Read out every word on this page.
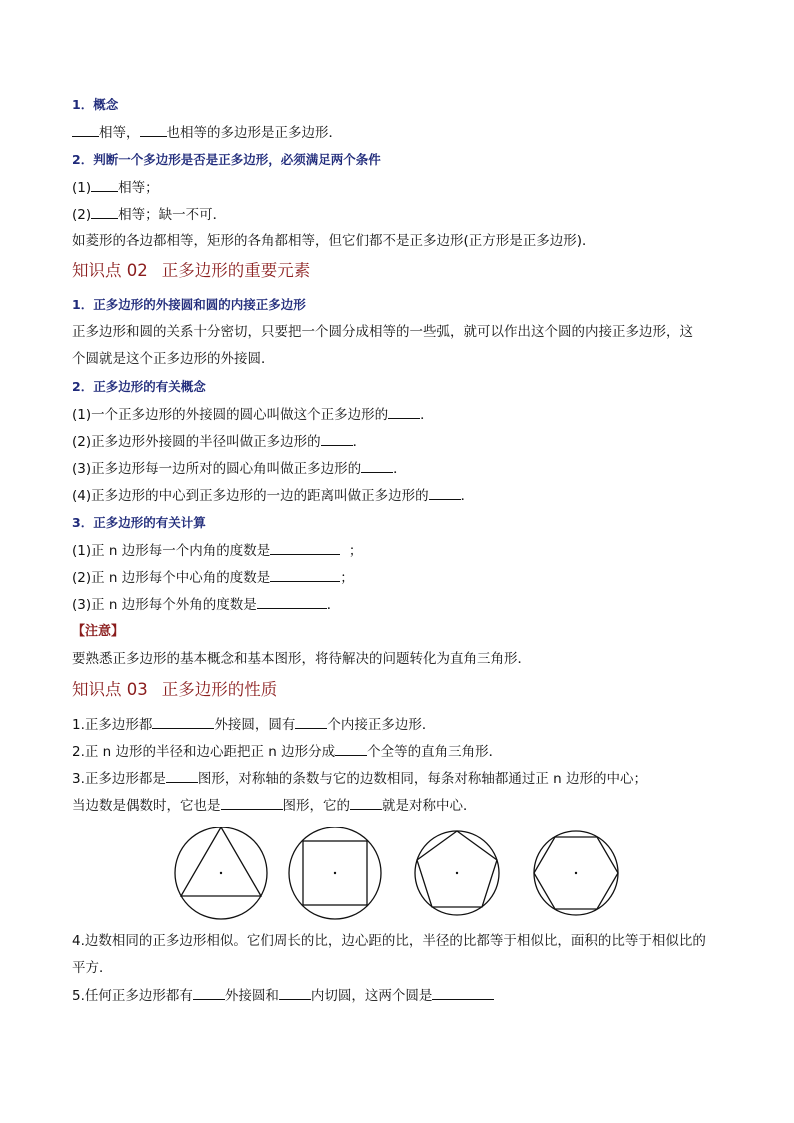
1．概念
相等， 也相等的多边形是正多边形．
2．判断一个多边形是否是正多边形，必须满足两个条件
(1) 相等；
(2) 相等；缺一不可．
如菱形的各边都相等，矩形的各角都相等，但它们都不是正多边形(正方形是正多边形)．
知识点 02 正多边形的重要元素
1．正多边形的外接圆和圆的内接正多边形
正多边形和圆的关系十分密切，只要把一个圆分成相等的一些弧，就可以作出这个圆的内接正多边形，这
个圆就是这个正多边形的外接圆．
2．正多边形的有关概念
(1)一个正多边形的外接圆的圆心叫做这个正多边形的 ．
(2)正多边形外接圆的半径叫做正多边形的 ．
(3)正多边形每一边所对的圆心角叫做正多边形的 ．
(4)正多边形的中心到正多边形的一边的距离叫做正多边形的 ．
3．正多边形的有关计算
(1)正 n 边形每一个内角的度数是	；
(2)正 n 边形每个中心角的度数是	；
(3)正 n 边形每个外角的度数是	．
【注意】
要熟悉正多边形的基本概念和基本图形，将待解决的问题转化为直角三角形．
知识点 03 正多边形的性质
1.正多边形都	外接圆，圆有 个内接正多边形．
2.正 n 边形的半径和边心距把正 n 边形分成 个全等的直角三角形．
3.正多边形都是 图形，对称轴的条数与它的边数相同，每条对称轴都通过正 n 边形的中心；
当边数是偶数时，它也是	图形，它的 就是对称中心．
4.边数相同的正多边形相似。它们周长的比，边心距的比，半径的比都等于相似比，面积的比等于相似比的
平方．
5.任何正多边形都有 外接圆和 内切圆，这两个圆是
